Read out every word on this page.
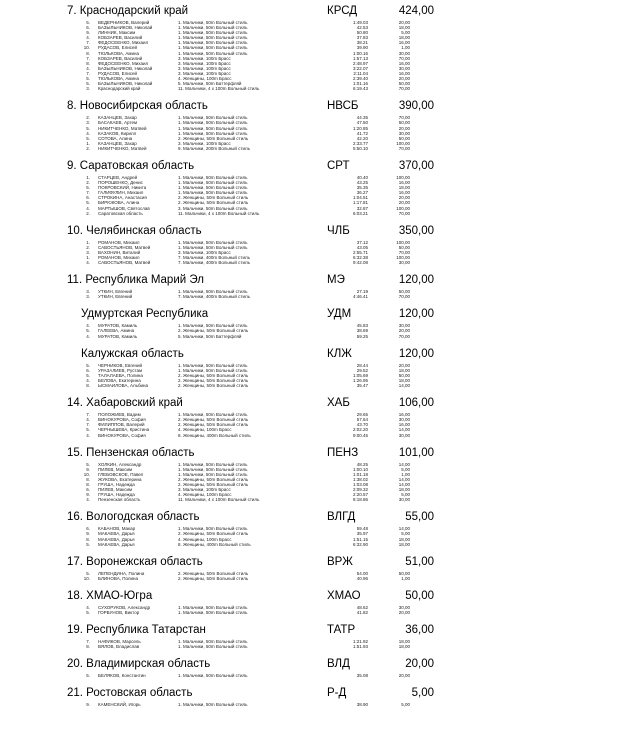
7. Краснодарский край	КРСД	424,00
5. ВЕДЕРНИКОВ, Валерий	1. Мальчики, 50m Вольный стиль	1:49.03	20,00
6. БАЗЫЛЬНИКОВ, Николай	1. Мальчики, 50m Вольный стиль	42.53	18,00
9. ЛИННИК, Максим	1. Мальчики, 50m Вольный стиль	50.80	5,00
4. КОБЗАРЕВ, Василий	1. Мальчики, 50m Вольный стиль	37.83	18,00
7. ФЕДОСЕЕНКО, Михаил	1. Мальчики, 50m Вольный стиль	38.21	16,00
10. РУДАСОВ, Елисей	1. Мальчики, 50m Вольный стиль	39.90	1,00
8. ТЮЛЬКОВА, Амина	1. Мальчики, 50m Вольный стиль	1:00.16	30,00
7. КОБЗАРЕВ, Василий	3. Мальчики, 100m Брасс	1:57.13	70,00
8. ФЕДОСЕЕНКО, Михаил	3. Мальчики, 100m Брасс	2:48.97	16,00
4. БАЗЫЛЬНИКОВ, Николай	3. Мальчики, 100m Брасс	3:22.07	30,00
7. РУДАСОВ, Елисей	3. Мальчики, 100m Брасс	2:11.04	16,00
5. ТЮЛЬКОВА, Амина	4. Женщины, 100m Брасс	2:39.40	20,00
5. БАЗЫЛЬНИКОВ, Николай	5. Мальчики, 50m Баттерфляй	1:01.16	50,00
3. Краснодарский край	11. Мальчики, 4 x 100m Вольный стиль	6:19.43	70,00
8. Новосибирская область	НВСБ	390,00
2. КАЗАНЦЕВ, Захар	1. Мальчики, 50m Вольный стиль	44.35	70,00
3. БАСАКАЕВ, Артем	1. Мальчики, 50m Вольный стиль	47.50	50,00
5. НИКИТЧЕНКО, Матвей	1. Мальчики, 50m Вольный стиль	1:20.85	20,00
4. КАЗАКОВ, Кирилл	1. Мальчики, 50m Вольный стиль	41.72	30,00
5. СОТОВА, Алина	2. Женщины, 50m Вольный стиль	42.20	50,00
1. КАЗАНЦЕВ, Захар	3. Мальчики, 100m Брасс	2:33.77	100,00
2. НИКИТЧЕНКО, Матвей	9. Мальчики, 200m Вольный стиль	5:50.10	70,00
9. Саратовская область	СРТ	370,00
1. СТАРЦЕВ, Андрей	1. Мальчики, 50m Вольный стиль	40.40	100,00
2. ПОРОШЕНКО, Денис	1. Мальчики, 50m Вольный стиль	43.25	16,00
5. ПОКРОВСКИЙ, Никита	1. Мальчики, 50m Вольный стиль	35.35	18,00
7. ГАЛИФУЛИН, Михаил	1. Мальчики, 50m Вольный стиль	36.27	16,00
6. СТРОКИНА, Анастасия	2. Женщины, 50m Вольный стиль	1:04.51	20,00
5. БИРЮКОВА, Алина	2. Женщины, 50m Вольный стиль	1:17.81	20,00
4. МАРТЫШОВ, Святослав	3. Мальчики, 50m Вольный стиль	32.87	100,00
2. Саратовская область	11. Мальчики, 4 x 100m Вольный стиль	6:03.21	70,00
10. Челябинская область	ЧЛБ	350,00
1. РОМАНОВ, Михаил	1. Мальчики, 50m Вольный стиль	37.12	100,00
2. САВОСТЬЯНОВ, Матвей	1. Мальчики, 50m Вольный стиль	43.05	50,00
3. ВАХОНИН, Виталий	3. Мальчики, 100m Брасс	2:55.71	70,00
1. РОМАНОВ, Михаил	7. Мальчики, 400m Вольный стиль	6:32.38	100,00
4. САВОСТЬЯНОВ, Матвей	7. Мальчики, 400m Вольный стиль	9:42.08	30,00
11. Республика Марий Эл	МЭ	120,00
3. УТКИН, Евгений	1. Мальчики, 50m Вольный стиль	27.19	50,00
3. УТКИН, Евгений	7. Мальчики, 400m Вольный стиль	4:46.41	70,00
Удмуртская Республика	УДМ	120,00
4. МУРАТОВ, Камиль	1. Мальчики, 50m Вольный стиль	45.83	30,00
5. ГАЛЕЕВА, Амина	2. Женщины, 50m Вольный стиль	38.69	20,00
4. МУРАТОВ, Камиль	5. Мальчики, 50m Баттерфляй	59.25	70,00
Калужская область	КЛЖ	120,00
5. ЧЕРНИКОВ, Евгений	1. Мальчики, 50m Вольный стиль	28.44	20,00
6. УРАЗАЛИЕВ, Рустам	1. Мальчики, 50m Вольный стиль	29.52	18,00
5. ТАЛАЛАЕВА, Полина	2. Женщины, 50m Вольный стиль	1:05.69	50,00
4. БЕЛОВА, Екатерина	2. Женщины, 50m Вольный стиль	1:26.95	18,00
8. ЫСМАИЛОВА, Альбина	2. Женщины, 50m Вольный стиль	35.47	14,00
14. Хабаровский край	ХАБ	106,00
7. ПОЛОЖИЕВ, Вадим	1. Мальчики, 50m Вольный стиль	29.65	16,00
4. ВИНОКУРОВА, София	2. Женщины, 50m Вольный стиль	57.64	30,00
7. ФИЛИППОВ, Валерий	2. Женщины, 50m Вольный стиль	43.70	16,00
5. ЧЕРНЫШЕВА, Кристина	4. Женщины, 100m Брасс	2:02.20	14,00
4. ВИНОКУРОВА, София	8. Женщины, 400m Вольный стиль	9:00.45	30,00
15. Пензенская область	ПЕНЗ	101,00
5. ХОЛКИН, Александр	1. Мальчики, 50m Вольный стиль	48.25	14,00
9. ПИЛЕВ, Максим	1. Мальчики, 50m Вольный стиль	1:00.10	5,00
10. ГЛЕБОВСКОЕ, Павел	1. Мальчики, 50m Вольный стиль	1:01.18	1,00
8. ЖУКОВА, Екатерина	2. Женщины, 50m Вольный стиль	1:38.02	14,00
8. ГРУША, Надежда	2. Женщины, 50m Вольный стиль	1:03.08	14,00
6. ПИЛЕВ, Максим	3. Мальчики, 100m Брасс	2:09.32	18,00
9. ГРУША, Надежда	4. Женщины, 100m Брасс	2:20.57	5,00
4. Пензенская область	11. Мальчики, 4 x 100m Вольный стиль	8:18.86	30,00
16. Вологодская область	ВЛГД	55,00
6. КАБАНОВ, Макар	1. Мальчики, 50m Вольный стиль	59.48	14,00
9. МАКАЕВА, Дарья	2. Женщины, 50m Вольный стиль	35.97	5,00
8. МАКАЕВА, Дарья	4. Женщины, 100m Брасс	1:51.15	18,00
5. МАКАЕВА, Дарья	8. Женщины, 400m Вольный стиль	6:32.90	18,00
17. Воронежская область	ВРЖ	51,00
5. ЛЕПЕНДИНА, Полина	2. Женщины, 50m Вольный стиль	54.00	50,00
10. БЛИНОВА, Полина	2. Женщины, 50m Вольный стиль	40.96	1,00
18. ХМАО-Югра	ХМАО	50,00
4. СУХОРУКОВ, Александр	1. Мальчики, 50m Вольный стиль	48.62	30,00
5. ГОРБУНОВ, Виктор	1. Мальчики, 50m Вольный стиль	41.82	20,00
19. Республика Татарстан	ТАТР	36,00
7. НАФИКОВ, Марсель	1. Мальчики, 50m Вольный стиль	1:21.92	18,00
8. ВЯЛОВ, Владислав	1. Мальчики, 50m Вольный стиль	1:51.93	18,00
20. Владимирская область	ВЛД	20,00
5. БЕЛЯКОВ, Константин	1. Мальчики, 50m Вольный стиль	35.08	20,00
21. Ростовская область	Р-Д	5,00
9. КАМЕНСКИЙ, Игорь	1. Мальчики, 50m Вольный стиль	38.90	5,00
